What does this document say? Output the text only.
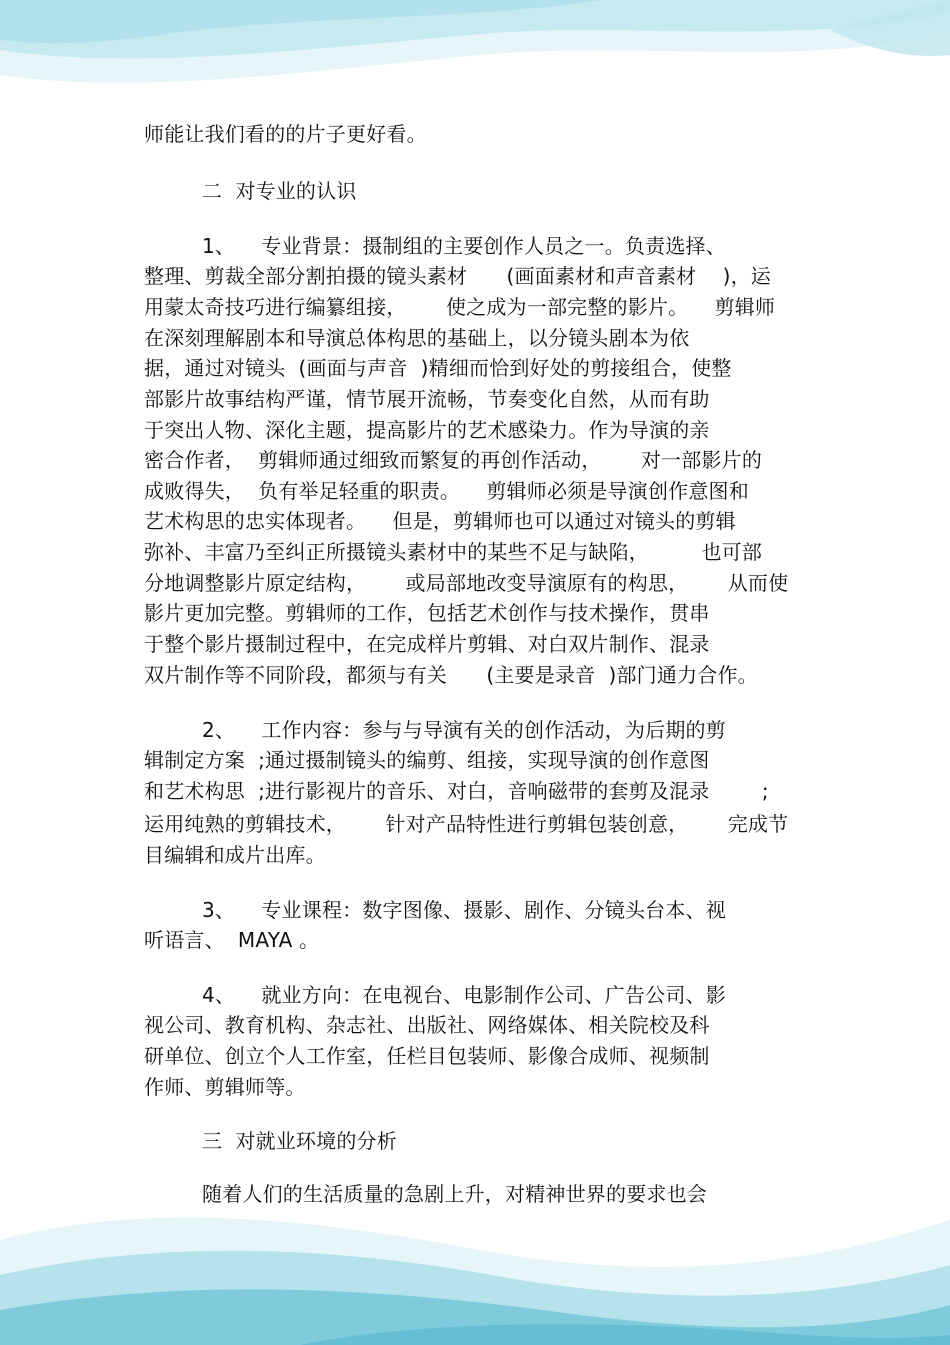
师能让我们看的的片子更好看。
二  对专业的认识
1、    专业背景：摄制组的主要创作人员之一。负责选择、
整理、剪裁全部分割拍摄的镜头素材      (画面素材和声音素材    )，运
用蒙太奇技巧进行编纂组接，      使之成为一部完整的影片。    剪辑师
在深刻理解剧本和导演总体构思的基础上，以分镜头剧本为依
据，通过对镜头  (画面与声音  )精细而恰到好处的剪接组合，使整
部影片故事结构严谨，情节展开流畅，节奏变化自然，从而有助
于突出人物、深化主题，提高影片的艺术感染力。作为导演的亲
密合作者，  剪辑师通过细致而繁复的再创作活动，      对一部影片的
成败得失，  负有举足轻重的职责。    剪辑师必须是导演创作意图和
艺术构思的忠实体现者。    但是，剪辑师也可以通过对镜头的剪辑
弥补、丰富乃至纠正所摄镜头素材中的某些不足与缺陷，        也可部
分地调整影片原定结构，      或局部地改变导演原有的构思，      从而使
影片更加完整。剪辑师的工作，包括艺术创作与技术操作，贯串
于整个影片摄制过程中，在完成样片剪辑、对白双片制作、混录
双片制作等不同阶段，都须与有关      (主要是录音  )部门通力合作。
2、    工作内容：参与与导演有关的创作活动，为后期的剪
辑制定方案  ;通过摄制镜头的编剪、组接，实现导演的创作意图
和艺术构思  ;进行影视片的音乐、对白，音响磁带的套剪及混录        ;
运用纯熟的剪辑技术，      针对产品特性进行剪辑包装创意，      完成节
目编辑和成片出库。
3、    专业课程：数字图像、摄影、剧作、分镜头台本、视
听语言、  MAYA 。
4、    就业方向：在电视台、电影制作公司、广告公司、影
视公司、教育机构、杂志社、出版社、网络媒体、相关院校及科
研单位、创立个人工作室，任栏目包装师、影像合成师、视频制
作师、剪辑师等。
三  对就业环境的分析
随着人们的生活质量的急剧上升，对精神世界的要求也会
